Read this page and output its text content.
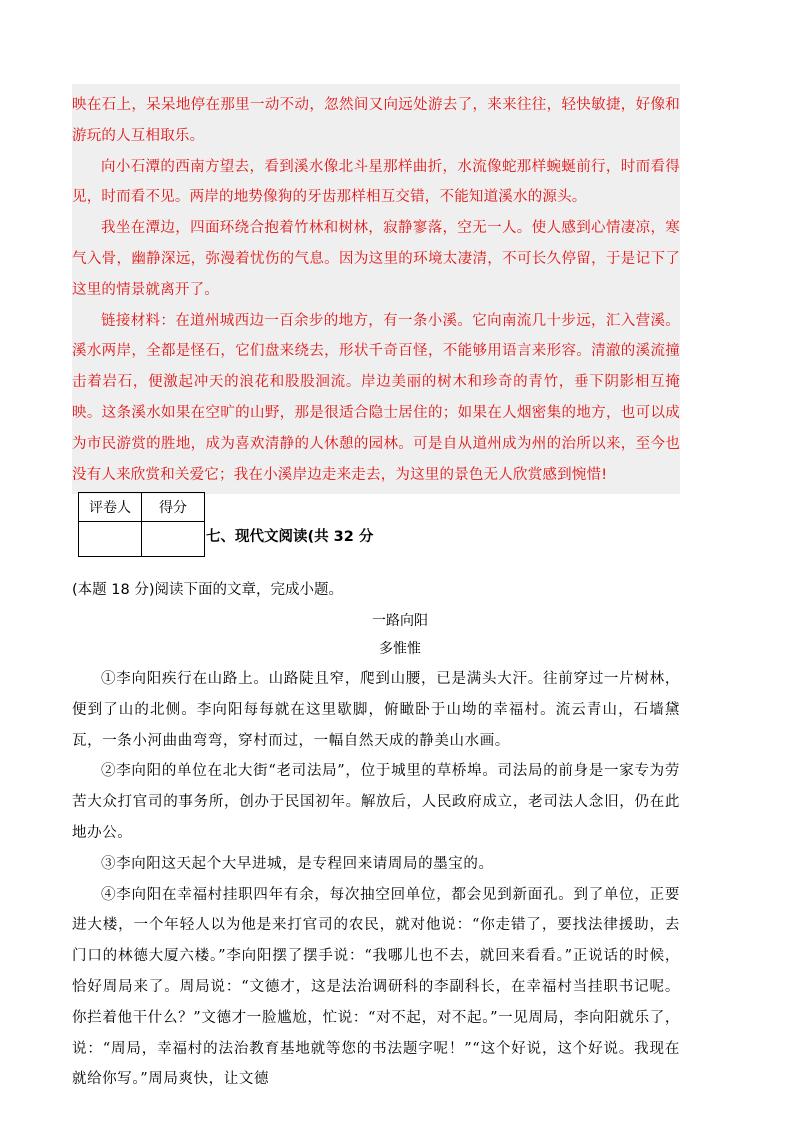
映在石上，呆呆地停在那里一动不动，忽然间又向远处游去了，来来往往，轻快敏捷，好像和游玩的人互相取乐。

向小石潭的西南方望去，看到溪水像北斗星那样曲折，水流像蛇那样蜿蜒前行，时而看得见，时而看不见。两岸的地势像狗的牙齿那样相互交错，不能知道溪水的源头。

我坐在潭边，四面环绕合抱着竹林和树林，寂静寥落，空无一人。使人感到心情凄凉，寒气入骨，幽静深远，弥漫着忧伤的气息。因为这里的环境太凄清，不可长久停留，于是记下了这里的情景就离开了。

链接材料：在道州城西边一百余步的地方，有一条小溪。它向南流几十步远，汇入营溪。溪水两岸，全都是怪石，它们盘来绕去，形状千奇百怪，不能够用语言来形容。清澈的溪流撞击着岩石，便激起冲天的浪花和股股洄流。岸边美丽的树木和珍奇的青竹，垂下阴影相互掩映。这条溪水如果在空旷的山野，那是很适合隐士居住的；如果在人烟密集的地方，也可以成为市民游赏的胜地，成为喜欢清静的人休憩的园林。可是自从道州成为州的治所以来，至今也没有人来欣赏和关爱它；我在小溪岸边走来走去，为这里的景色无人欣赏感到惋惜!

评卷人	得分

七、现代文阅读(共 32 分
(本题 18 分)阅读下面的文章，完成小题。
一路向阳
多惟惟

①李向阳疾行在山路上。山路陡且窄，爬到山腰，已是满头大汗。往前穿过一片树林，便到了山的北侧。李向阳每每就在这里歇脚，俯瞰卧于山坳的幸福村。流云青山，石墙黛瓦，一条小河曲曲弯弯，穿村而过，一幅自然天成的静美山水画。

②李向阳的单位在北大街“老司法局”，位于城里的草桥埠。司法局的前身是一家专为劳苦大众打官司的事务所，创办于民国初年。解放后，人民政府成立，老司法人念旧，仍在此地办公。

③李向阳这天起个大早进城，是专程回来请周局的墨宝的。

④李向阳在幸福村挂职四年有余，每次抽空回单位，都会见到新面孔。到了单位，正要进大楼，一个年轻人以为他是来打官司的农民，就对他说：“你走错了，要找法律援助，去门口的林德大厦六楼。”李向阳摆了摆手说：“我哪儿也不去，就回来看看。”正说话的时候，恰好周局来了。周局说：“文德才，这是法治调研科的李副科长，在幸福村当挂职书记呢。你拦着他干什么？”文德才一脸尴尬，忙说：“对不起，对不起。”一见周局，李向阳就乐了，说：“周局，幸福村的法治教育基地就等您的书法题字呢！”“这个好说，这个好说。我现在就给你写。”周局爽快，让文德
